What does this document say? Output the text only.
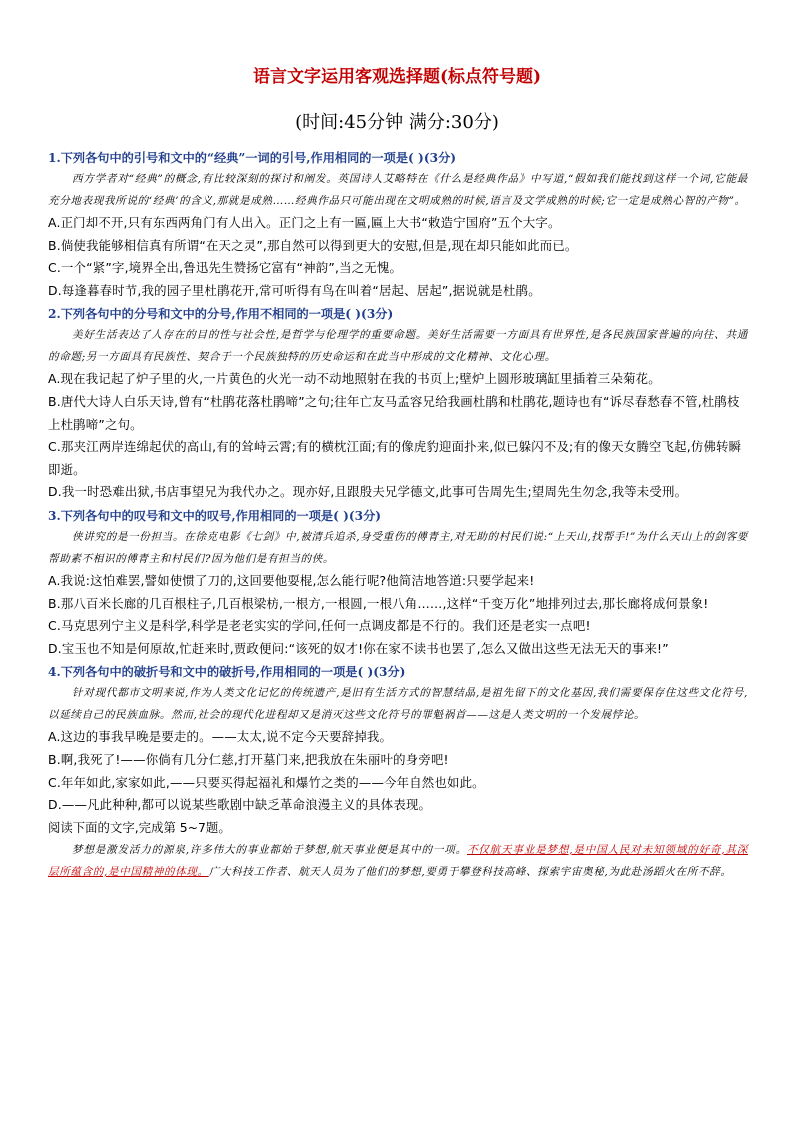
语言文字运用客观选择题(标点符号题)
(时间:45分钟 满分:30分)
1.下列各句中的引号和文中的“经典”一词的引号,作用相同的一项是( )(3分)

西方学者对“经典”的概念,有比较深刻的探讨和阐发。英国诗人艾略特在《什么是经典作品》中写道,“假如我们能找到这样一个词,它能最充分地表现我所说的‘经典’的含义,那就是成熟……经典作品只可能出现在文明成熟的时候,语言及文学成熟的时候;它一定是成熟心智的产物”。

A.正门却不开,只有东西两角门有人出入。正门之上有一匾,匾上大书“敕造宁国府”五个大字。

B.倘使我能够相信真有所谓“在天之灵”,那自然可以得到更大的安慰,但是,现在却只能如此而已。

C.一个“紧”字,境界全出,鲁迅先生赞扬它富有“神韵”,当之无愧。

D.每逢暮春时节,我的园子里杜鹃花开,常可听得有鸟在叫着“居起、居起”,据说就是杜鹃。

2.下列各句中的分号和文中的分号,作用不相同的一项是( )(3分)

美好生活表达了人存在的目的性与社会性,是哲学与伦理学的重要命题。美好生活需要一方面具有世界性,是各民族国家普遍的向往、共通的命题;另一方面具有民族性、契合于一个民族独特的历史命运和在此当中形成的文化精神、文化心理。

A.现在我记起了炉子里的火,一片黄色的火光一动不动地照射在我的书页上;壁炉上圆形玻璃缸里插着三朵菊花。

B.唐代大诗人白乐天诗,曾有“杜鹃花落杜鹃啼”之句;往年亡友马孟容兄给我画杜鹃和杜鹃花,题诗也有“诉尽春愁春不管,杜鹃枝上杜鹃啼”之句。

C.那夹江两岸连绵起伏的高山,有的耸峙云霄;有的横枕江面;有的像虎豹迎面扑来,似已躲闪不及;有的像天女腾空飞起,仿佛转瞬即逝。

D.我一时恐难出狱,书店事望兄为我代办之。现亦好,且跟殷夫兄学德文,此事可告周先生;望周先生勿念,我等未受刑。

3.下列各句中的叹号和文中的叹号,作用相同的一项是( )(3分)

侠讲究的是一份担当。在徐克电影《七剑》中,被清兵追杀,身受重伤的傅青主,对无助的村民们说:“上天山,找帮手!”为什么天山上的剑客要帮助素不相识的傅青主和村民们?因为他们是有担当的侠。

A.我说:这怕难罢,譬如使惯了刀的,这回要他耍棍,怎么能行呢?他简洁地答道:只要学起来!

B.那八百米长廊的几百根柱子,几百根梁枋,一根方,一根圆,一根八角……,这样“千变万化”地排列过去,那长廊将成何景象!

C.马克思列宁主义是科学,科学是老老实实的学问,任何一点调皮都是不行的。我们还是老实一点吧!

D.宝玉也不知是何原故,忙赶来时,贾政便问:“该死的奴才!你在家不读书也罢了,怎么又做出这些无法无天的事来!”

4.下列各句中的破折号和文中的破折号,作用相同的一项是( )(3分)

针对现代都市文明来说,作为人类文化记忆的传统遗产,是旧有生活方式的智慧结晶,是祖先留下的文化基因,我们需要保存住这些文化符号,以延续自己的民族血脉。然而,社会的现代化进程却又是消灭这些文化符号的罪魁祸首——这是人类文明的一个发展悖论。

A.这边的事我早晚是要走的。——太太,说不定今天要辞掉我。

B.啊,我死了!——你倘有几分仁慈,打开墓门来,把我放在朱丽叶的身旁吧!

C.年年如此,家家如此,——只要买得起福礼和爆竹之类的——今年自然也如此。

D.——凡此种种,都可以说某些歌剧中缺乏革命浪漫主义的具体表现。

阅读下面的文字,完成第 5~7题。

梦想是激发活力的源泉,许多伟大的事业都始于梦想,航天事业便是其中的一项。不仅航天事业是梦想,是中国人民对未知领域的好奇,其深层所蕴含的,是中国精神的体现。广大科技工作者、航天人员为了他们的梦想,要勇于攀登科技高峰、探索宇宙奥秘,为此赴汤蹈火在所不辞。
